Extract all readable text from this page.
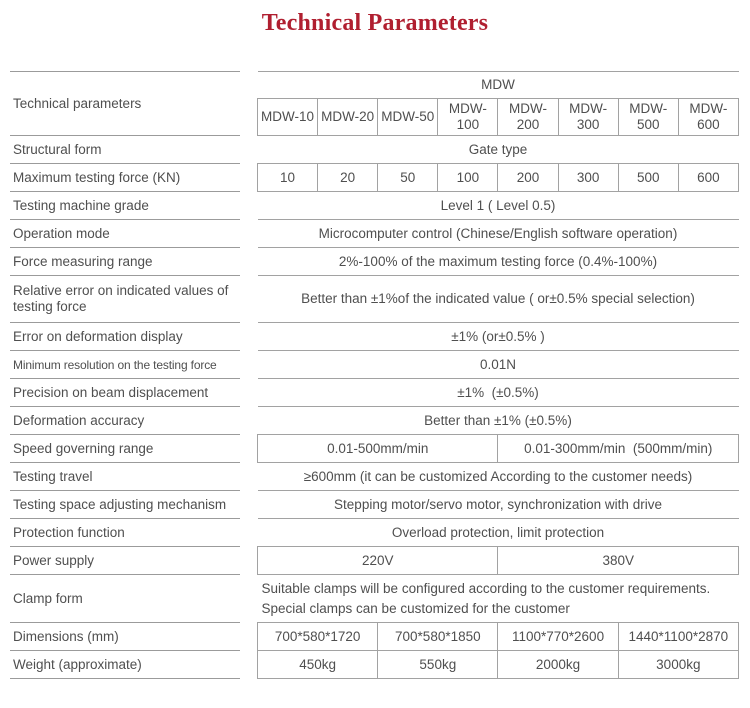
Technical Parameters
Technical parameters		MDW							
		MDW-10	MDW-20	MDW-50	MDW-100	MDW-200	MDW-300	MDW-500	MDW-600
Structural form		Gate type							
Maximum testing force (KN)		10	20	50	100	200	300	500	600
Testing machine grade		Level 1 ( Level 0.5)							
Operation mode		Microcomputer control (Chinese/English software operation)							
Force measuring range		2%-100% of the maximum testing force (0.4%-100%)							
Relative error on indicated values of testing force		Better than ±1%of the indicated value ( or±0.5% special selection)							
Error on deformation display		±1% (or±0.5% )							
Minimum resolution on the testing force		0.01N							
Precision on beam displacement		±1%  (±0.5%)							
Deformation accuracy		Better than ±1% (±0.5%)							
Speed governing range		0.01-500mm/min				0.01-300mm/min  (500mm/min)			
Testing travel		≥600mm (it can be customized According to the customer needs)							
Testing space adjusting mechanism		Stepping motor/servo motor, synchronization with drive							
Protection function		Overload protection, limit protection							
Power supply		220V				380V			
Clamp form		Suitable clamps will be configured according to the customer requirements.
Special clamps can be customized for the customer							

Dimensions (mm)		700*580*1720		700*580*1850		1100*770*2600		1440*1100*2870	
Weight (approximate)		450kg		550kg		2000kg		3000kg	
